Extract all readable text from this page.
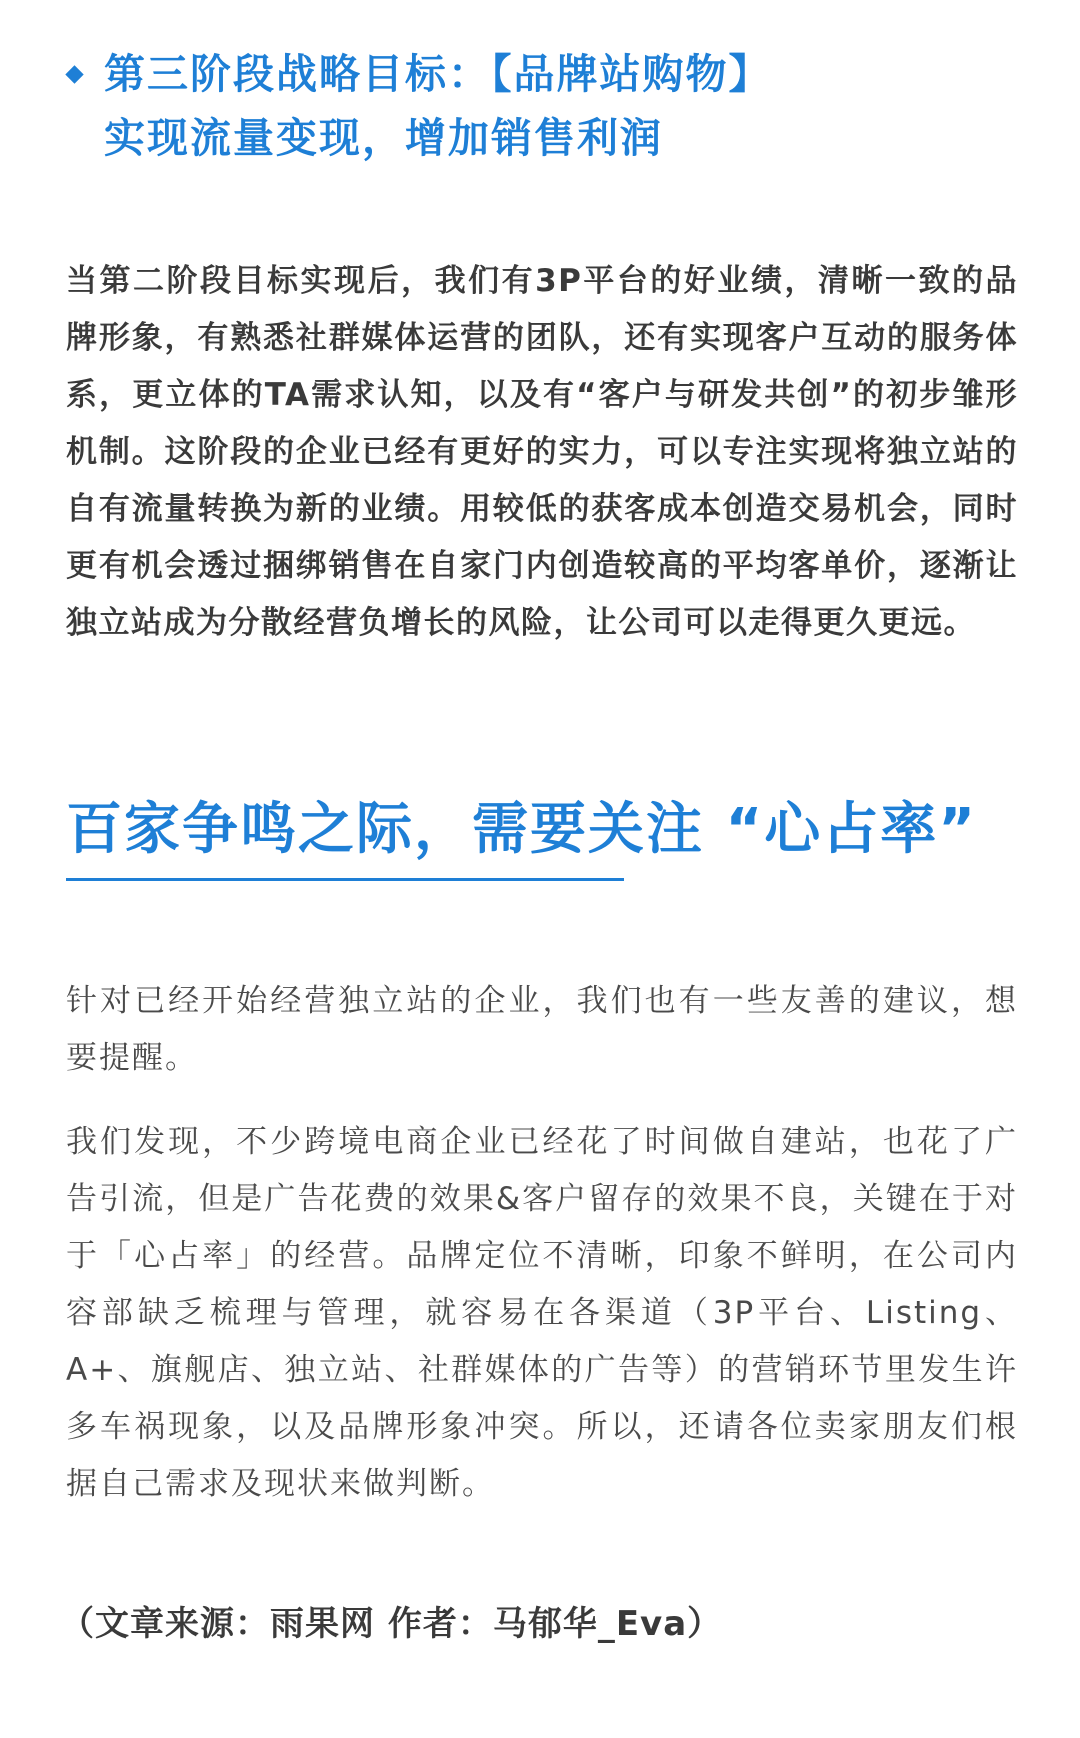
第三阶段战略目标：【品牌站购物】
实现流量变现，增加销售利润
当第二阶段目标实现后，我们有3P平台的好业绩，清晰一致的品牌形象，有熟悉社群媒体运营的团队，还有实现客户互动的服务体系，更立体的TA需求认知，以及有“客户与研发共创”的初步雏形机制。这阶段的企业已经有更好的实力，可以专注实现将独立站的自有流量转换为新的业绩。用较低的获客成本创造交易机会，同时更有机会透过捆绑销售在自家门内创造较高的平均客单价，逐渐让独立站成为分散经营负增长的风险，让公司可以走得更久更远。
百家争鸣之际，需要关注 “心占率”
针对已经开始经营独立站的企业，我们也有一些友善的建议，想要提醒。
我们发现，不少跨境电商企业已经花了时间做自建站，也花了广告引流，但是广告花费的效果&客户留存的效果不良，关键在于对于「心占率」的经营。品牌定位不清晰，印象不鲜明，在公司内容部缺乏梳理与管理，就容易在各渠道（3P平台、Listing、A+、旗舰店、独立站、社群媒体的广告等）的营销环节里发生许多车祸现象，以及品牌形象冲突。所以，还请各位卖家朋友们根据自己需求及现状来做判断。
（文章来源：雨果网 作者：马郁华_Eva）
